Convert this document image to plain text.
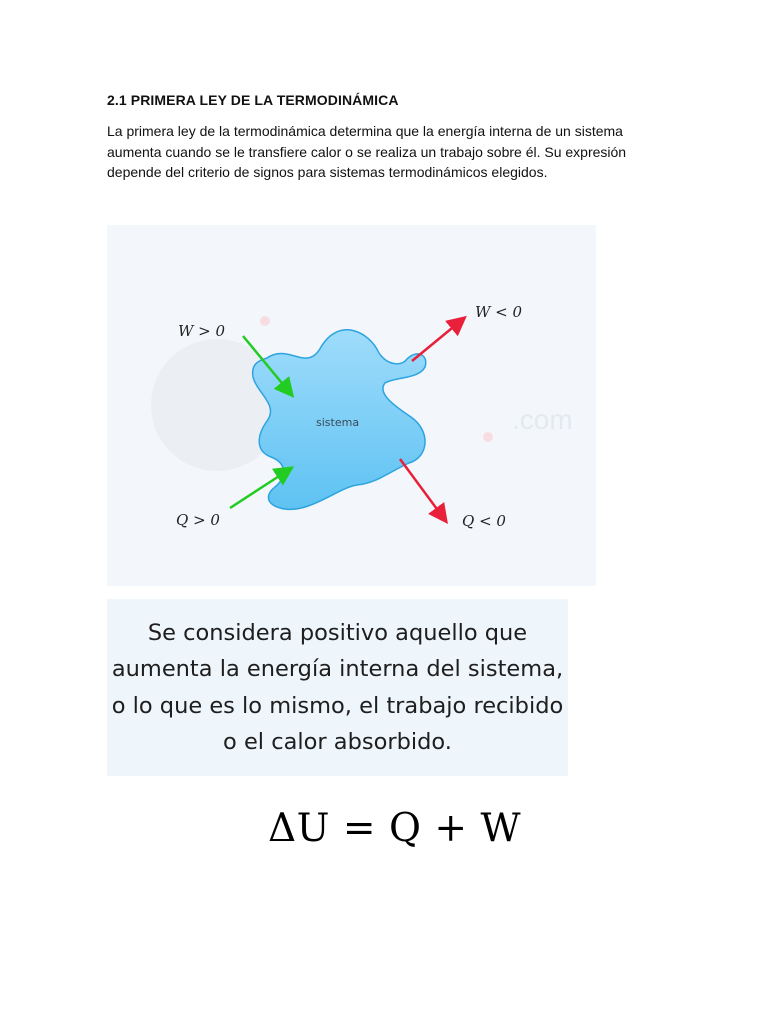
2.1 PRIMERA LEY DE LA TERMODINÁMICA

La primera ley de la termodinámica determina que la energía interna de un sistema aumenta cuando se le transfiere calor o se realiza un trabajo sobre él. Su expresión depende del criterio de signos para sistemas termodinámicos elegidos.

.com
sistema
W > 0
W < 0
Q > 0	Q < 0
Se considera positivo aquello que
aumenta la energía interna del sistema,
o lo que es lo mismo, el trabajo recibido
o el calor absorbido.
ΔU = Q + W
